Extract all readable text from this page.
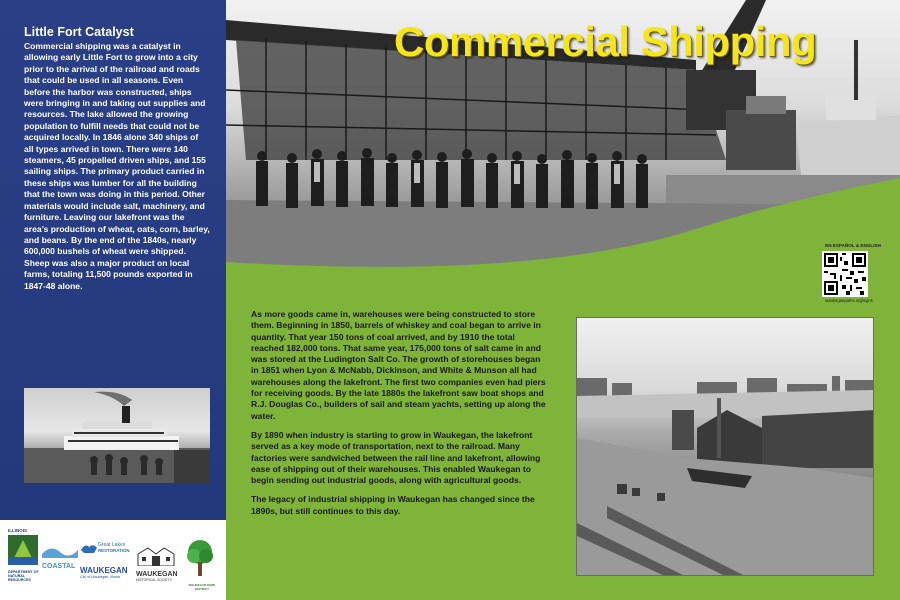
Little Fort Catalyst
Commercial shipping was a catalyst in allowing early Little Fort to grow into a city prior to the arrival of the railroad and roads that could be used in all seasons. Even before the harbor was constructed, ships were bringing in and taking out supplies and resources. The lake allowed the growing population to fulfill needs that could not be acquired locally. In 1846 alone 340 ships of all types arrived in town. There were 140 steamers, 45 propelled driven ships, and 155 sailing ships. The primary product carried in these ships was lumber for all the building that the town was doing in this period. Other materials would include salt, machinery, and furniture. Leaving our lakefront was the area’s production of wheat, oats, corn, barley, and beans. By the end of the 1840s, nearly 600,000 bushels of wheat were shipped. Sheep was also a major product on local farms, totaling 11,500 pounds exported in 1847-48 alone.
ILLINOIS
DEPARTMENT OF
NATURAL
RESOURCES
COASTAL
Great Lakes
RESTORATION
WAUKEGAN
City of Waukegan, Illinois	WAUKEGAN
HISTORICAL SOCIETY
WAUKEGAN PARK DISTRICT
Commercial Shipping
EN ESPAÑOL & ENGLISH
waukeganparks.org/signs

As more goods came in, warehouses were being constructed to store them. Beginning in 1850, barrels of whiskey and coal began to arrive in quantity. That year 150 tons of coal arrived, and by 1910 the total reached 182,000 tons. That same year, 175,000 tons of salt came in and was stored at the Ludington Salt Co. The growth of storehouses began in 1851 when Lyon & McNabb, Dickinson, and White & Munson all had warehouses along the lakefront. The first two companies even had piers for receiving goods. By the late 1880s the lakefront saw boat shops and R.J. Douglas Co., builders of sail and steam yachts, setting up along the water.

By 1890 when industry is starting to grow in Waukegan, the lakefront served as a key mode of transportation, next to the railroad. Many factories were sandwiched between the rail line and lakefront, allowing ease of shipping out of their warehouses. This enabled Waukegan to begin sending out industrial goods, along with agricultural goods.

The legacy of industrial shipping in Waukegan has changed since the 1890s, but still continues to this day.
